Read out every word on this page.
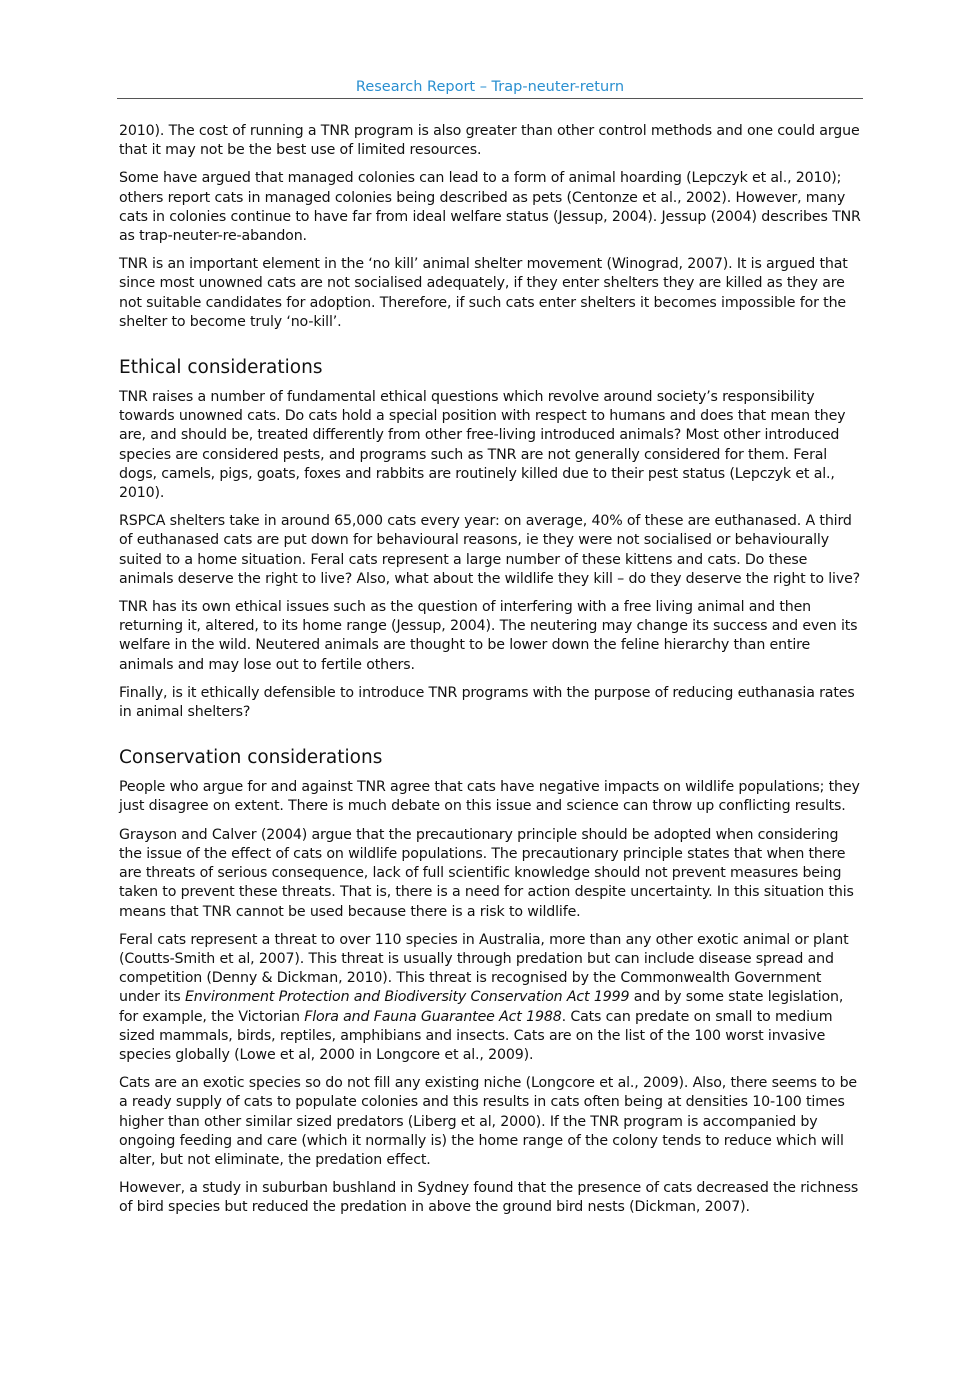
Research Report – Trap-neuter-return

2010). The cost of running a TNR program is also greater than other control methods and one could argue that it may not be the best use of limited resources.

Some have argued that managed colonies can lead to a form of animal hoarding (Lepczyk et al., 2010); others report cats in managed colonies being described as pets (Centonze et al., 2002). However, many cats in colonies continue to have far from ideal welfare status (Jessup, 2004). Jessup (2004) describes TNR as trap-neuter-re-abandon.

TNR is an important element in the ‘no kill’ animal shelter movement (Winograd, 2007). It is argued that since most unowned cats are not socialised adequately, if they enter shelters they are killed as they are not suitable candidates for adoption. Therefore, if such cats enter shelters it becomes impossible for the shelter to become truly ‘no-kill’.

Ethical considerations

TNR raises a number of fundamental ethical questions which revolve around society’s responsibility towards unowned cats. Do cats hold a special position with respect to humans and does that mean they are, and should be, treated differently from other free-living introduced animals? Most other introduced species are considered pests, and programs such as TNR are not generally considered for them. Feral dogs, camels, pigs, goats, foxes and rabbits are routinely killed due to their pest status (Lepczyk et al., 2010).

RSPCA shelters take in around 65,000 cats every year: on average, 40% of these are euthanased. A third of euthanased cats are put down for behavioural reasons, ie they were not socialised or behaviourally suited to a home situation. Feral cats represent a large number of these kittens and cats. Do these animals deserve the right to live? Also, what about the wildlife they kill – do they deserve the right to live?

TNR has its own ethical issues such as the question of interfering with a free living animal and then returning it, altered, to its home range (Jessup, 2004). The neutering may change its success and even its welfare in the wild. Neutered animals are thought to be lower down the feline hierarchy than entire animals and may lose out to fertile others.

Finally, is it ethically defensible to introduce TNR programs with the purpose of reducing euthanasia rates in animal shelters?

Conservation considerations

People who argue for and against TNR agree that cats have negative impacts on wildlife populations; they just disagree on extent. There is much debate on this issue and science can throw up conflicting results.

Grayson and Calver (2004) argue that the precautionary principle should be adopted when considering the issue of the effect of cats on wildlife populations. The precautionary principle states that when there are threats of serious consequence, lack of full scientific knowledge should not prevent measures being taken to prevent these threats. That is, there is a need for action despite uncertainty. In this situation this means that TNR cannot be used because there is a risk to wildlife.

Feral cats represent a threat to over 110 species in Australia, more than any other exotic animal or plant (Coutts-Smith et al, 2007). This threat is usually through predation but can include disease spread and competition (Denny & Dickman, 2010). This threat is recognised by the Commonwealth Government under its Environment Protection and Biodiversity Conservation Act 1999 and by some state legislation, for example, the Victorian Flora and Fauna Guarantee Act 1988. Cats can predate on small to medium sized mammals, birds, reptiles, amphibians and insects. Cats are on the list of the 100 worst invasive species globally (Lowe et al, 2000 in Longcore et al., 2009).

Cats are an exotic species so do not fill any existing niche (Longcore et al., 2009). Also, there seems to be a ready supply of cats to populate colonies and this results in cats often being at densities 10-100 times higher than other similar sized predators (Liberg et al, 2000). If the TNR program is accompanied by ongoing feeding and care (which it normally is) the home range of the colony tends to reduce which will alter, but not eliminate, the predation effect.

However, a study in suburban bushland in Sydney found that the presence of cats decreased the richness of bird species but reduced the predation in above the ground bird nests (Dickman, 2007).
